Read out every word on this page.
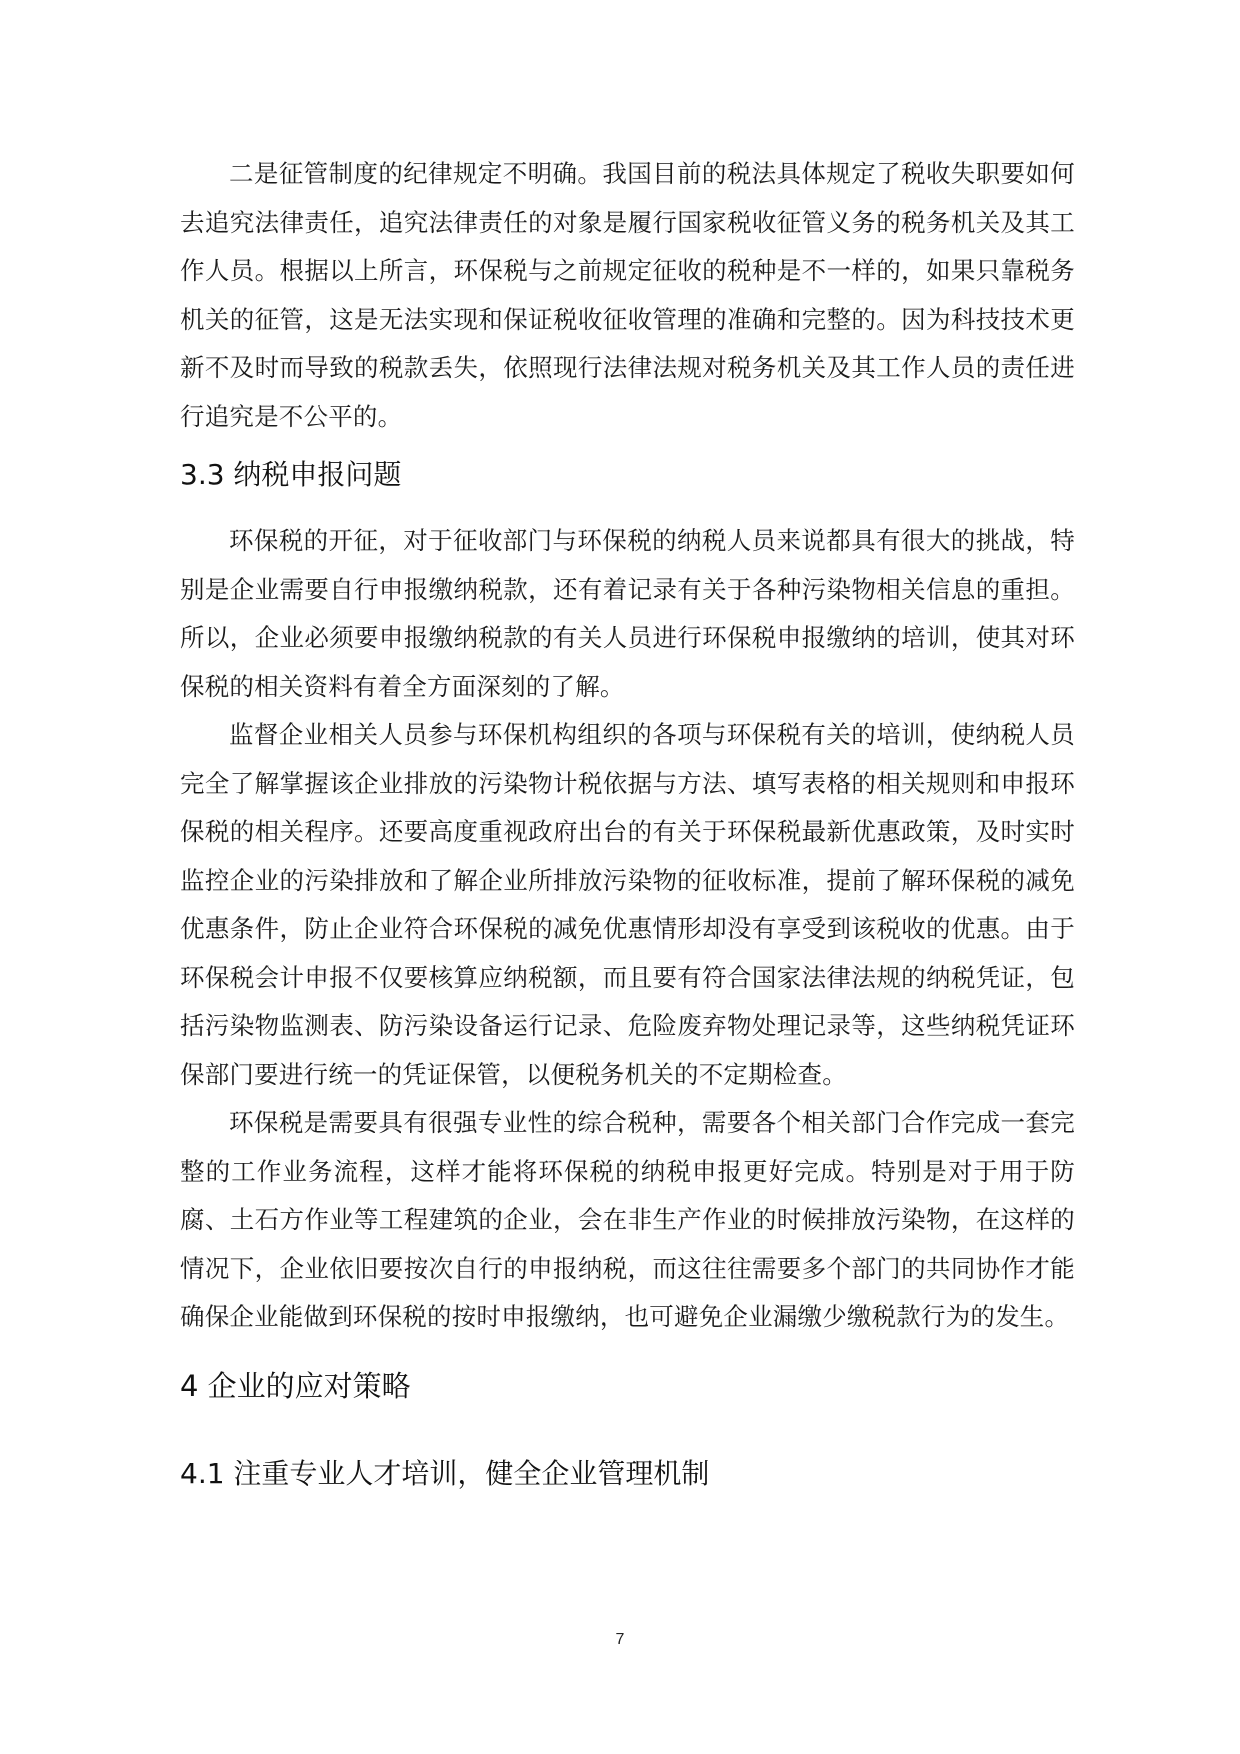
二是征管制度的纪律规定不明确。我国目前的税法具体规定了税收失职要如何去追究法律责任，追究法律责任的对象是履行国家税收征管义务的税务机关及其工作人员。根据以上所言，环保税与之前规定征收的税种是不一样的，如果只靠税务机关的征管，这是无法实现和保证税收征收管理的准确和完整的。因为科技技术更新不及时而导致的税款丢失，依照现行法律法规对税务机关及其工作人员的责任进行追究是不公平的。

3.3 纳税申报问题

环保税的开征，对于征收部门与环保税的纳税人员来说都具有很大的挑战，特别是企业需要自行申报缴纳税款，还有着记录有关于各种污染物相关信息的重担。所以，企业必须要申报缴纳税款的有关人员进行环保税申报缴纳的培训，使其对环保税的相关资料有着全方面深刻的了解。

监督企业相关人员参与环保机构组织的各项与环保税有关的培训，使纳税人员完全了解掌握该企业排放的污染物计税依据与方法、填写表格的相关规则和申报环保税的相关程序。还要高度重视政府出台的有关于环保税最新优惠政策，及时实时监控企业的污染排放和了解企业所排放污染物的征收标准，提前了解环保税的减免优惠条件，防止企业符合环保税的减免优惠情形却没有享受到该税收的优惠。由于环保税会计申报不仅要核算应纳税额，而且要有符合国家法律法规的纳税凭证，包括污染物监测表、防污染设备运行记录、危险废弃物处理记录等，这些纳税凭证环保部门要进行统一的凭证保管，以便税务机关的不定期检查。

环保税是需要具有很强专业性的综合税种，需要各个相关部门合作完成一套完整的工作业务流程，这样才能将环保税的纳税申报更好完成。特别是对于用于防腐、土石方作业等工程建筑的企业，会在非生产作业的时候排放污染物，在这样的情况下，企业依旧要按次自行的申报纳税，而这往往需要多个部门的共同协作才能确保企业能做到环保税的按时申报缴纳，也可避免企业漏缴少缴税款行为的发生。

4 企业的应对策略
4.1 注重专业人才培训，健全企业管理机制
7
